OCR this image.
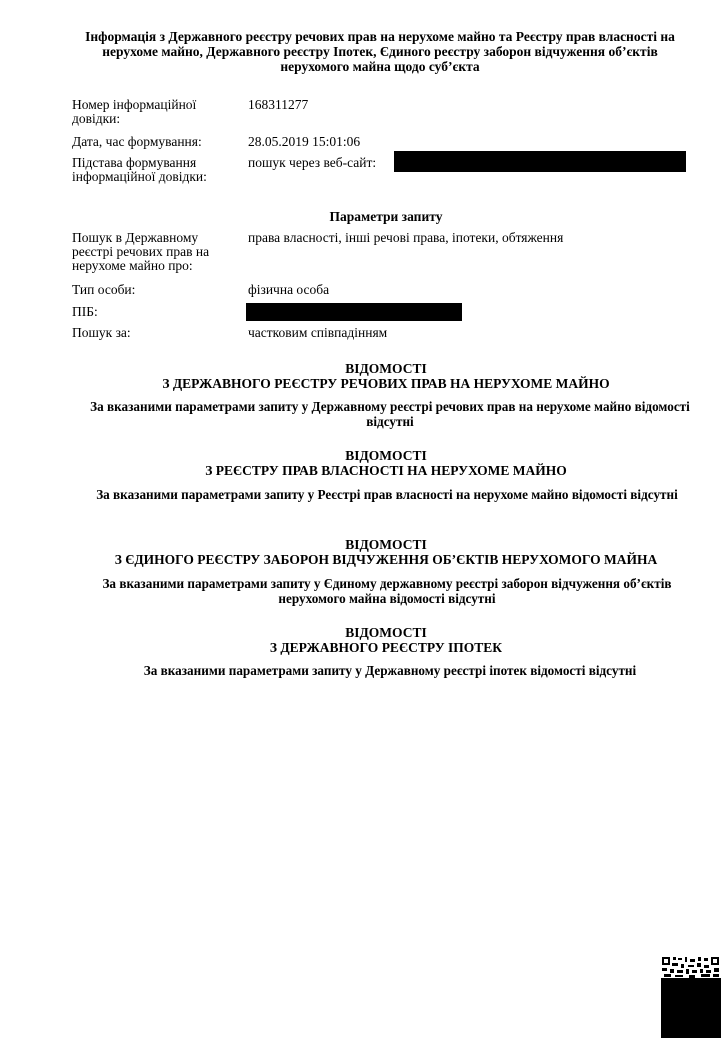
Інформація з Державного реєстру речових прав на нерухоме майно та Реєстру прав власності на нерухоме майно, Державного реєстру Іпотек, Єдиного реєстру заборон відчуження об’єктів нерухомого майна щодо суб’єкта
Номер інформаційної довідки:
168311277
Дата, час формування:	28.05.2019 15:01:06
Підстава формування інформаційної довідки:
пошук через веб-сайт:
Параметри запиту
Пошук в Державному реєстрі речових прав на нерухоме майно про:
права власності, інші речові права, іпотеки, обтяження
Тип особи:	фізична особа
ПІБ:
Пошук за:	частковим співпадінням
ВІДОМОСТІ
З ДЕРЖАВНОГО РЕЄСТРУ РЕЧОВИХ ПРАВ НА НЕРУХОМЕ МАЙНО
За вказаними параметрами запиту у Державному реєстрі речових прав на нерухоме майно відомості відсутні
ВІДОМОСТІ
З РЕЄСТРУ ПРАВ ВЛАСНОСТІ НА НЕРУХОМЕ МАЙНО
За вказаними параметрами запиту у Реєстрі прав власності на нерухоме майно відомості відсутні
ВІДОМОСТІ
З ЄДИНОГО РЕЄСТРУ ЗАБОРОН ВІДЧУЖЕННЯ ОБ’ЄКТІВ НЕРУХОМОГО МАЙНА
За вказаними параметрами запиту у Єдиному державному реєстрі заборон відчуження об’єктів нерухомого майна відомості відсутні
ВІДОМОСТІ
З ДЕРЖАВНОГО РЕЄСТРУ ІПОТЕК
За вказаними параметрами запиту у Державному реєстрі іпотек відомості відсутні
